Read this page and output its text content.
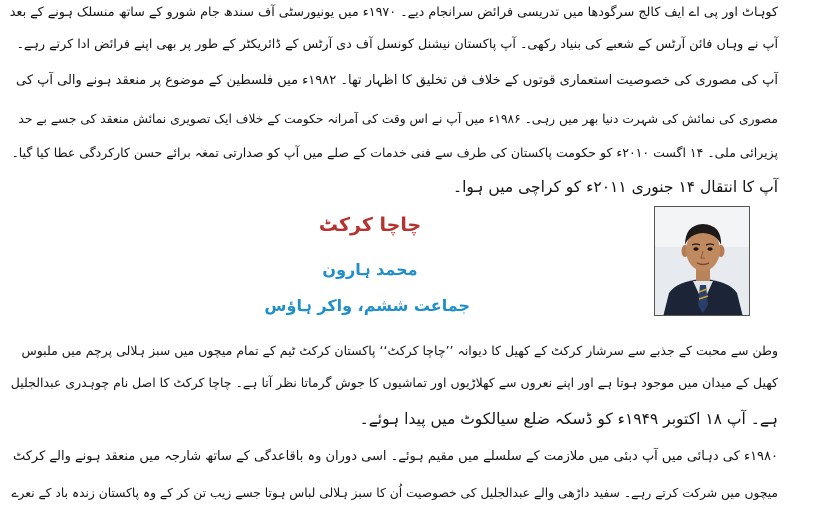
کوہاٹ اور پی اے ایف کالج سرگودھا میں تدریسی فرائض سرانجام دیے۔ ۱۹۷۰ء میں یونیورسٹی آف سندھ جام شورو کے ساتھ منسلک ہونے کے بعد
آپ نے وہاں فائن آرٹس کے شعبے کی بنیاد رکھی۔ آپ پاکستان نیشنل کونسل آف دی آرٹس کے ڈائریکٹر کے طور پر بھی اپنے فرائض ادا کرتے رہے۔
آپ کی مصوری کی خصوصیت استعماری قوتوں کے خلاف فن تخلیق کا اظہار تھا۔ ۱۹۸۲ء میں فلسطین کے موضوع پر منعقد ہونے والی آپ کی
مصوری کی نمائش کی شہرت دنیا بھر میں رہی۔ ۱۹۸۶ء میں آپ نے اس وقت کی آمرانہ حکومت کے خلاف ایک تصویری نمائش منعقد کی جسے بے حد
پزیرائی ملی۔ ۱۴ اگست ۲۰۱۰ء کو حکومت پاکستان کی طرف سے فنی خدمات کے صلے میں آپ کو صدارتی تمغہ برائے حسن کارکردگی عطا کیا گیا۔
آپ کا انتقال ۱۴ جنوری ۲۰۱۱ء کو کراچی میں ہوا۔
چاچا کرکٹ
محمد ہارون
جماعت ششم، واکر ہاؤس
وطن سے محبت کے جذبے سے سرشار کرکٹ کے کھیل کا دیوانہ ’’چاچا کرکٹ‘‘ پاکستان کرکٹ ٹیم کے تمام میچوں میں سبز ہلالی پرچم میں ملبوس
کھیل کے میدان میں موجود ہوتا ہے اور اپنے نعروں سے کھلاڑیوں اور تماشیوں کا جوش گرماتا نظر آتا ہے۔ چاچا کرکٹ کا اصل نام چوہدری عبدالجلیل
ہے۔ آپ ۱۸ اکتوبر ۱۹۴۹ء کو ڈسکہ ضلع سیالکوٹ میں پیدا ہوئے۔
۱۹۸۰ء کی دہائی میں آپ دبئی میں ملازمت کے سلسلے میں مقیم ہوئے۔ اسی دوران وہ باقاعدگی کے ساتھ شارجہ میں منعقد ہونے والے کرکٹ
میچوں میں شرکت کرتے رہے۔ سفید داڑھی والے عبدالجلیل کی خصوصیت اُن کا سبز ہلالی لباس ہوتا جسے زیب تن کر کے وہ پاکستان زندہ باد کے نعرے
